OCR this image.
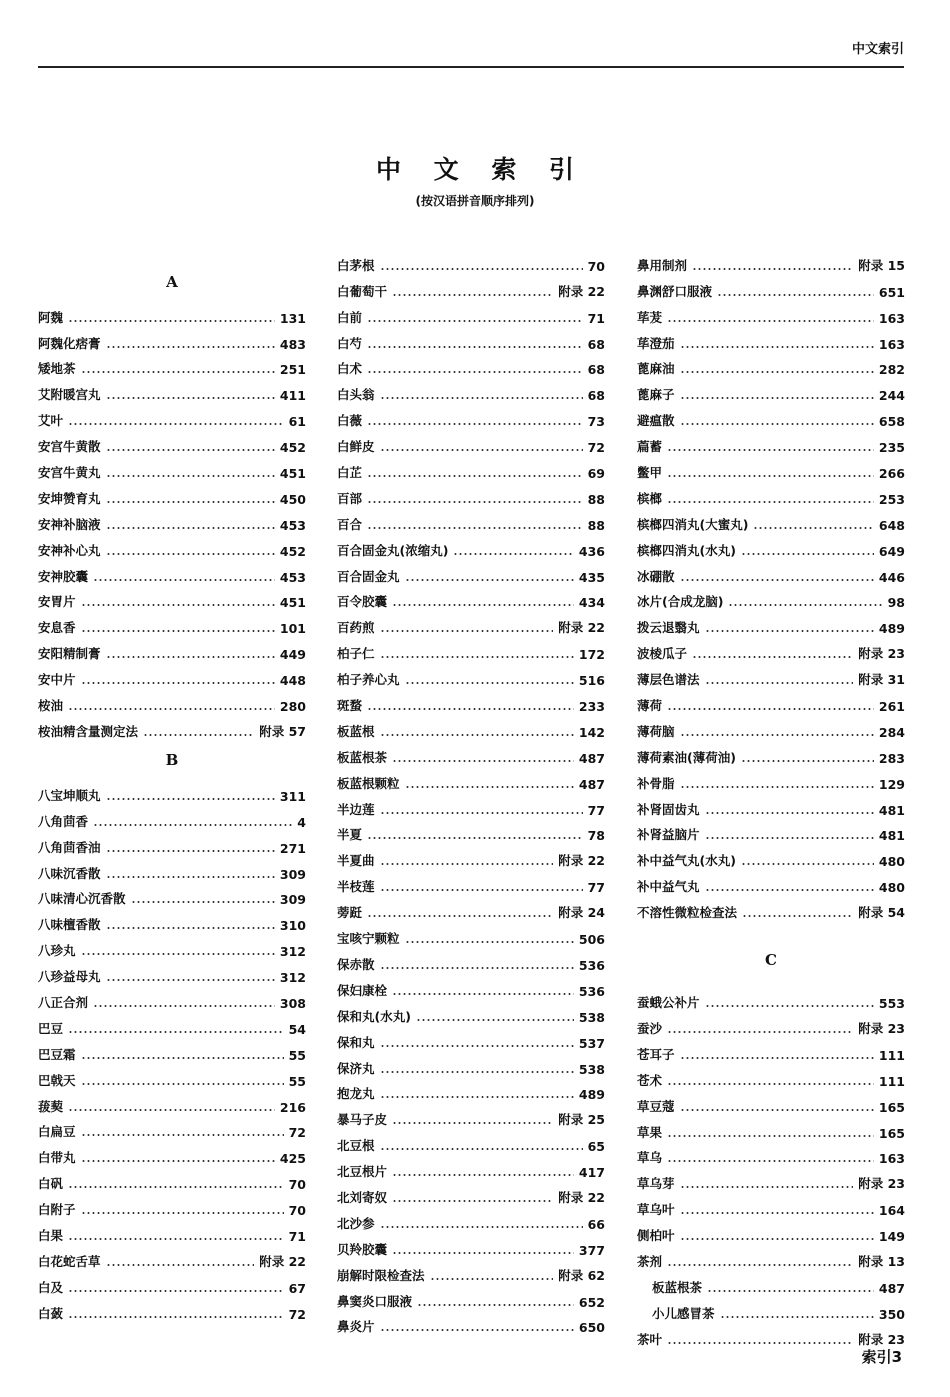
中文索引
中 文 索 引
(按汉语拼音顺序排列)
A
阿魏	131
阿魏化痞膏	483
矮地茶	251
艾附暖宫丸	411
艾叶	61
安宫牛黄散	452
安宫牛黄丸	451
安坤赞育丸	450
安神补脑液	453
安神补心丸	452
安神胶囊	453
安胃片	451
安息香	101
安阳精制膏	449
安中片	448
桉油	280
桉油精含量测定法	附录 57
B
八宝坤顺丸	311
八角茴香	4
八角茴香油	271
八味沉香散	309
八味清心沉香散	309
八味檀香散	310
八珍丸	312
八珍益母丸	312
八正合剂	308
巴豆	54
巴豆霜	55
巴戟天	55
菝葜	216
白扁豆	72
白带丸	425
白矾	70
白附子	70
白果	71
白花蛇舌草	附录 22
白及	67
白蔹	72
白茅根	70
白葡萄干	附录 22
白前	71
白芍	68
白术	68
白头翁	68
白薇	73
白鲜皮	72
白芷	69
百部	88
百合	88
百合固金丸(浓缩丸)	436
百合固金丸	435
百令胶囊	434
百药煎	附录 22
柏子仁	172
柏子养心丸	516
斑蝥	233
板蓝根	142
板蓝根茶	487
板蓝根颗粒	487
半边莲	77
半夏	78
半夏曲	附录 22
半枝莲	77
蒡跹	附录 24
宝咳宁颗粒	506
保赤散	536
保妇康栓	536
保和丸(水丸)	538
保和丸	537
保济丸	538
抱龙丸	489
暴马子皮	附录 25
北豆根	65
北豆根片	417
北刘寄奴	附录 22
北沙参	66
贝羚胶囊	377
崩解时限检查法	附录 62
鼻窦炎口服液	652
鼻炎片	650
鼻用制剂	附录 15
鼻渊舒口服液	651
荜茇	163
荜澄茄	163
蓖麻油	282
蓖麻子	244
避瘟散	658
萹蓄	235
鳖甲	266
槟榔	253
槟榔四消丸(大蜜丸)	648
槟榔四消丸(水丸)	649
冰硼散	446
冰片(合成龙脑)	98
拨云退翳丸	489
波棱瓜子	附录 23
薄层色谱法	附录 31
薄荷	261
薄荷脑	284
薄荷素油(薄荷油)	283
补骨脂	129
补肾固齿丸	481
补肾益脑片	481
补中益气丸(水丸)	480
补中益气丸	480
不溶性微粒检查法	附录 54
C
蚕蛾公补片	553
蚕沙	附录 23
苍耳子	111
苍术	111
草豆蔻	165
草果	165
草乌	163
草乌芽	附录 23
草乌叶	164
侧柏叶	149
茶剂	附录 13
板蓝根茶	487
小儿感冒茶	350
茶叶	附录 23
索引3
